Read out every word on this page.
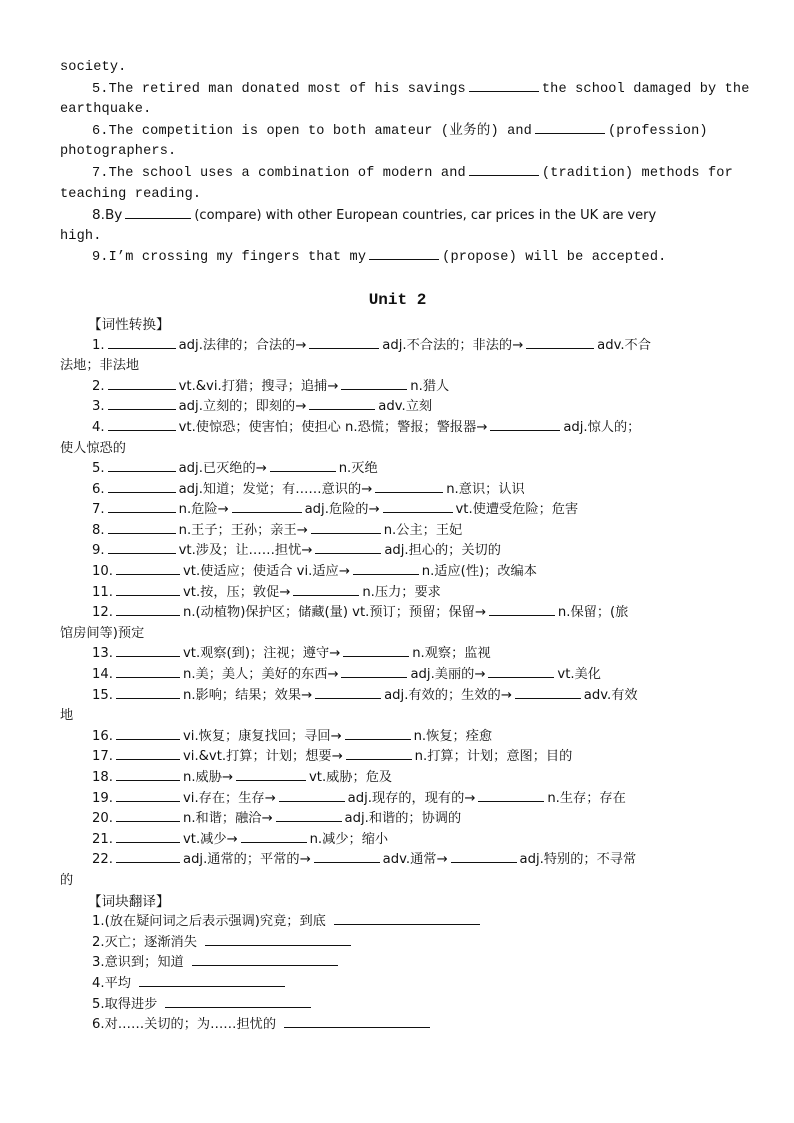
society.
5.The retired man donated most of his savings	the school damaged by the
earthquake.
6.The competition is open to both amateur (业务的) and	(profession)
photographers.
7.The school uses a combination of modern and	(tradition) methods for
teaching reading.
8.By	(compare) with other European countries, car prices in the UK are very
high.
9.I’m crossing my fingers that my	(propose) will be accepted.
Unit 2
【词性转换】
1.	adj.法律的；合法的→	adj.不合法的；非法的→	adv.不合
法地；非法地
2.	vt.&vi.打猎；搜寻；追捕→	n.猎人
3.	adj.立刻的；即刻的→	adv.立刻
4.	vt.使惊恐；使害怕；使担心 n.恐慌；警报；警报器→	adj.惊人的；
使人惊恐的
5.	adj.已灭绝的→	n.灭绝
6.	adj.知道；发觉；有……意识的→	n.意识；认识
7.	n.危险→	adj.危险的→	vt.使遭受危险；危害
8.	n.王子；王孙；亲王→	n.公主；王妃
9.	vt.涉及；让……担忧→	adj.担心的；关切的
10.	vt.使适应；使适合 vi.适应→	n.适应(性)；改编本
11.	vt.按，压；敦促→	n.压力；要求
12.	n.(动植物)保护区；储藏(量) vt.预订；预留；保留→	n.保留；(旅
馆房间等)预定
13.	vt.观察(到)；注视；遵守→	n.观察；监视
14.	n.美；美人；美好的东西→	adj.美丽的→	vt.美化
15.	n.影响；结果；效果→	adj.有效的；生效的→	adv.有效
地
16.	vi.恢复；康复找回；寻回→	n.恢复；痊愈
17.	vi.&vt.打算；计划；想要→	n.打算；计划；意图；目的
18.	n.威胁→	vt.威胁；危及
19.	vi.存在；生存→	adj.现存的，现有的→	n.生存；存在
20.	n.和谐；融洽→	adj.和谐的；协调的
21.	vt.减少→	n.减少；缩小
22.	adj.通常的；平常的→	adv.通常→	adj.特别的；不寻常
的
【词块翻译】
1.(放在疑问词之后表示强调)究竟；到底
2.灭亡；逐渐消失
3.意识到；知道
4.平均
5.取得进步
6.对……关切的；为……担忧的
